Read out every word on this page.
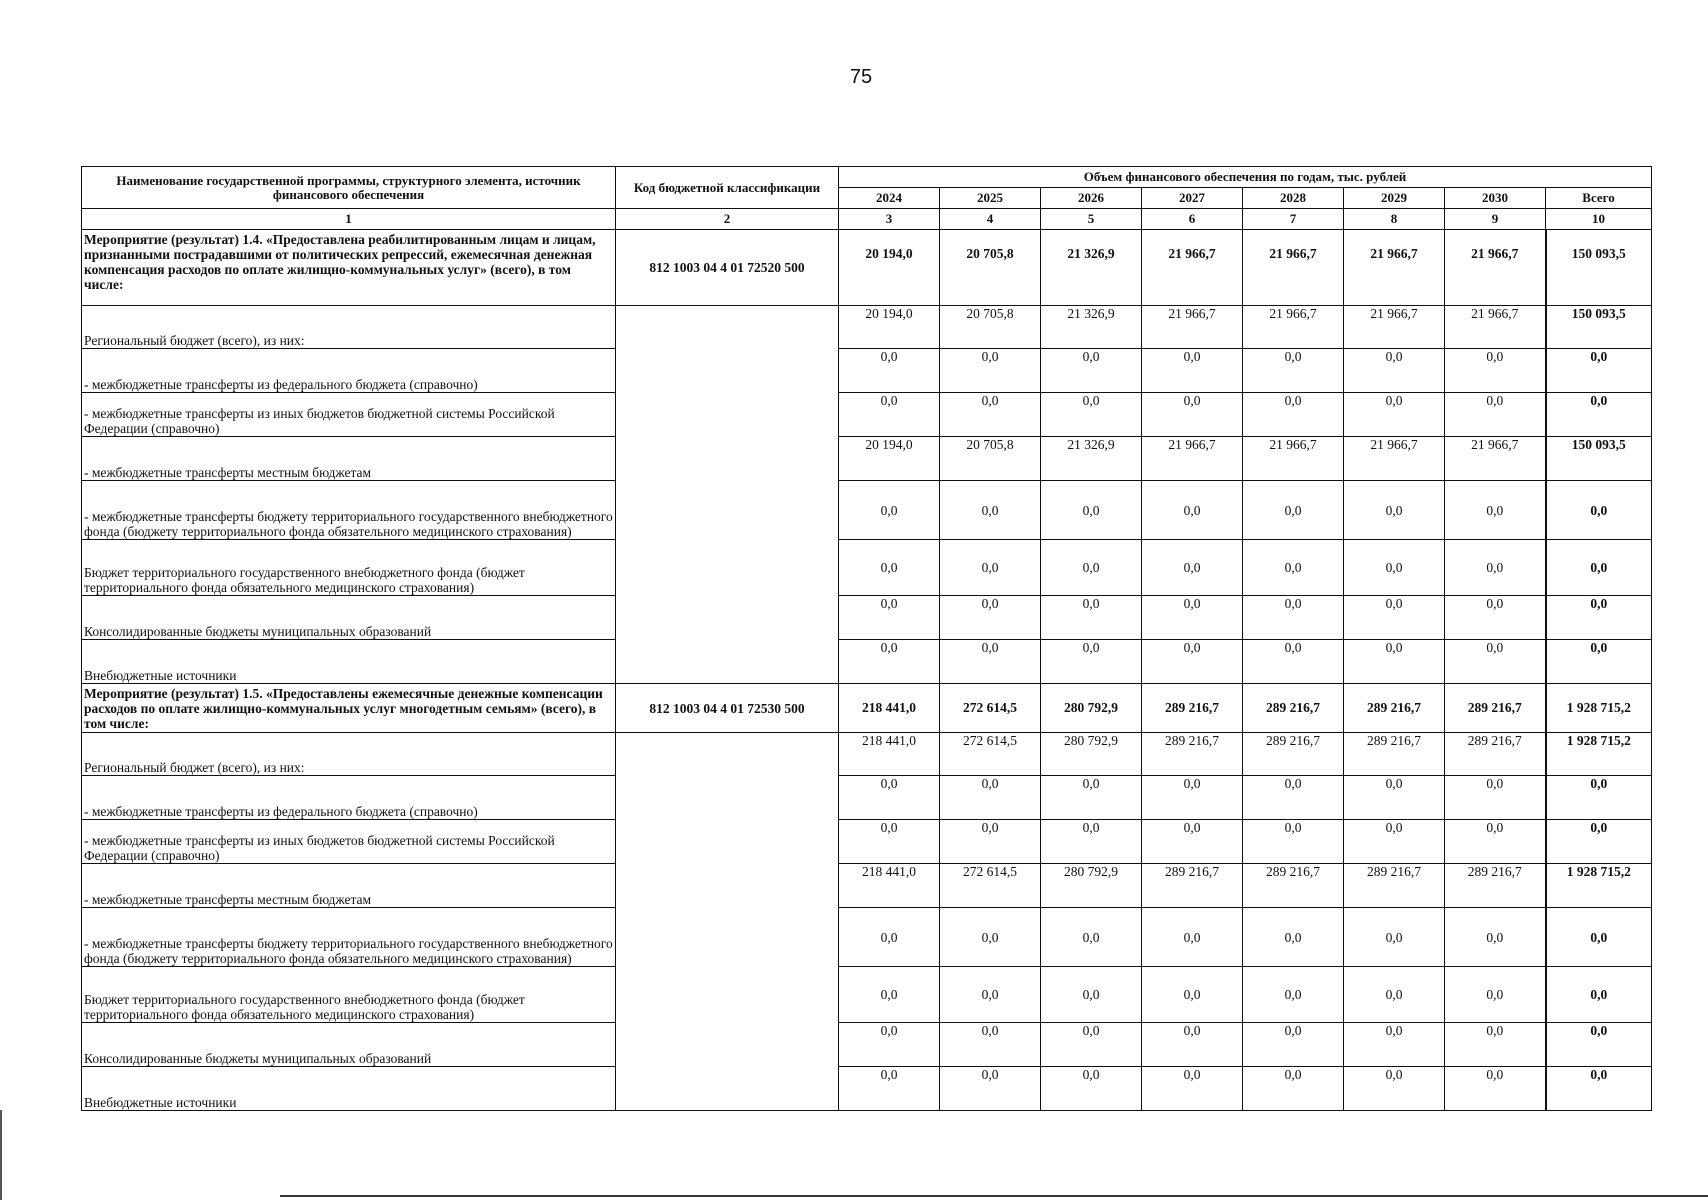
75
Наименование государственной программы, структурного элемента, источник финансового обеспечения	Код бюджетной классификации	Объем финансового обеспечения по годам, тыс. рублей							
		2024	2025	2026	2027	2028	2029	2030	Всего
1	2	3	4	5	6	7	8	9	10
Мероприятие (результат) 1.4. «Предоставлена реабилитированным лицам и лицам, признанными пострадавшими от политических репрессий, ежемесячная денежная компенсация расходов по оплате жилищно-коммунальных услуг» (всего), в том числе:	812 1003 04 4 01 72520 500	20 194,0	20 705,8	21 326,9	21 966,7	21 966,7	21 966,7	21 966,7	150 093,5
Региональный бюджет (всего), из них:		20 194,0	20 705,8	21 326,9	21 966,7	21 966,7	21 966,7	21 966,7	150 093,5
- межбюджетные трансферты из федерального бюджета (справочно)		0,0	0,0	0,0	0,0	0,0	0,0	0,0	0,0
- межбюджетные трансферты из иных бюджетов бюджетной системы Российской Федерации (справочно)		0,0	0,0	0,0	0,0	0,0	0,0	0,0	0,0
- межбюджетные трансферты местным бюджетам		20 194,0	20 705,8	21 326,9	21 966,7	21 966,7	21 966,7	21 966,7	150 093,5
- межбюджетные трансферты бюджету территориального государственного внебюджетного фонда (бюджету территориального фонда обязательного медицинского страхования)		0,0	0,0	0,0	0,0	0,0	0,0	0,0	0,0
Бюджет территориального государственного внебюджетного фонда (бюджет территориального фонда обязательного медицинского страхования)		0,0	0,0	0,0	0,0	0,0	0,0	0,0	0,0
Консолидированные бюджеты муниципальных образований		0,0	0,0	0,0	0,0	0,0	0,0	0,0	0,0
Внебюджетные источники		0,0	0,0	0,0	0,0	0,0	0,0	0,0	0,0
Мероприятие (результат) 1.5. «Предоставлены ежемесячные денежные компенсации расходов по оплате жилищно-коммунальных услуг многодетным семьям» (всего), в том числе:	812 1003 04 4 01 72530 500	218 441,0	272 614,5	280 792,9	289 216,7	289 216,7	289 216,7	289 216,7	1 928 715,2
Региональный бюджет (всего), из них:		218 441,0	272 614,5	280 792,9	289 216,7	289 216,7	289 216,7	289 216,7	1 928 715,2
- межбюджетные трансферты из федерального бюджета (справочно)		0,0	0,0	0,0	0,0	0,0	0,0	0,0	0,0
- межбюджетные трансферты из иных бюджетов бюджетной системы Российской Федерации (справочно)		0,0	0,0	0,0	0,0	0,0	0,0	0,0	0,0
- межбюджетные трансферты местным бюджетам		218 441,0	272 614,5	280 792,9	289 216,7	289 216,7	289 216,7	289 216,7	1 928 715,2
- межбюджетные трансферты бюджету территориального государственного внебюджетного фонда (бюджету территориального фонда обязательного медицинского страхования)		0,0	0,0	0,0	0,0	0,0	0,0	0,0	0,0
Бюджет территориального государственного внебюджетного фонда (бюджет территориального фонда обязательного медицинского страхования)		0,0	0,0	0,0	0,0	0,0	0,0	0,0	0,0
Консолидированные бюджеты муниципальных образований		0,0	0,0	0,0	0,0	0,0	0,0	0,0	0,0
Внебюджетные источники		0,0	0,0	0,0	0,0	0,0	0,0	0,0	0,0
